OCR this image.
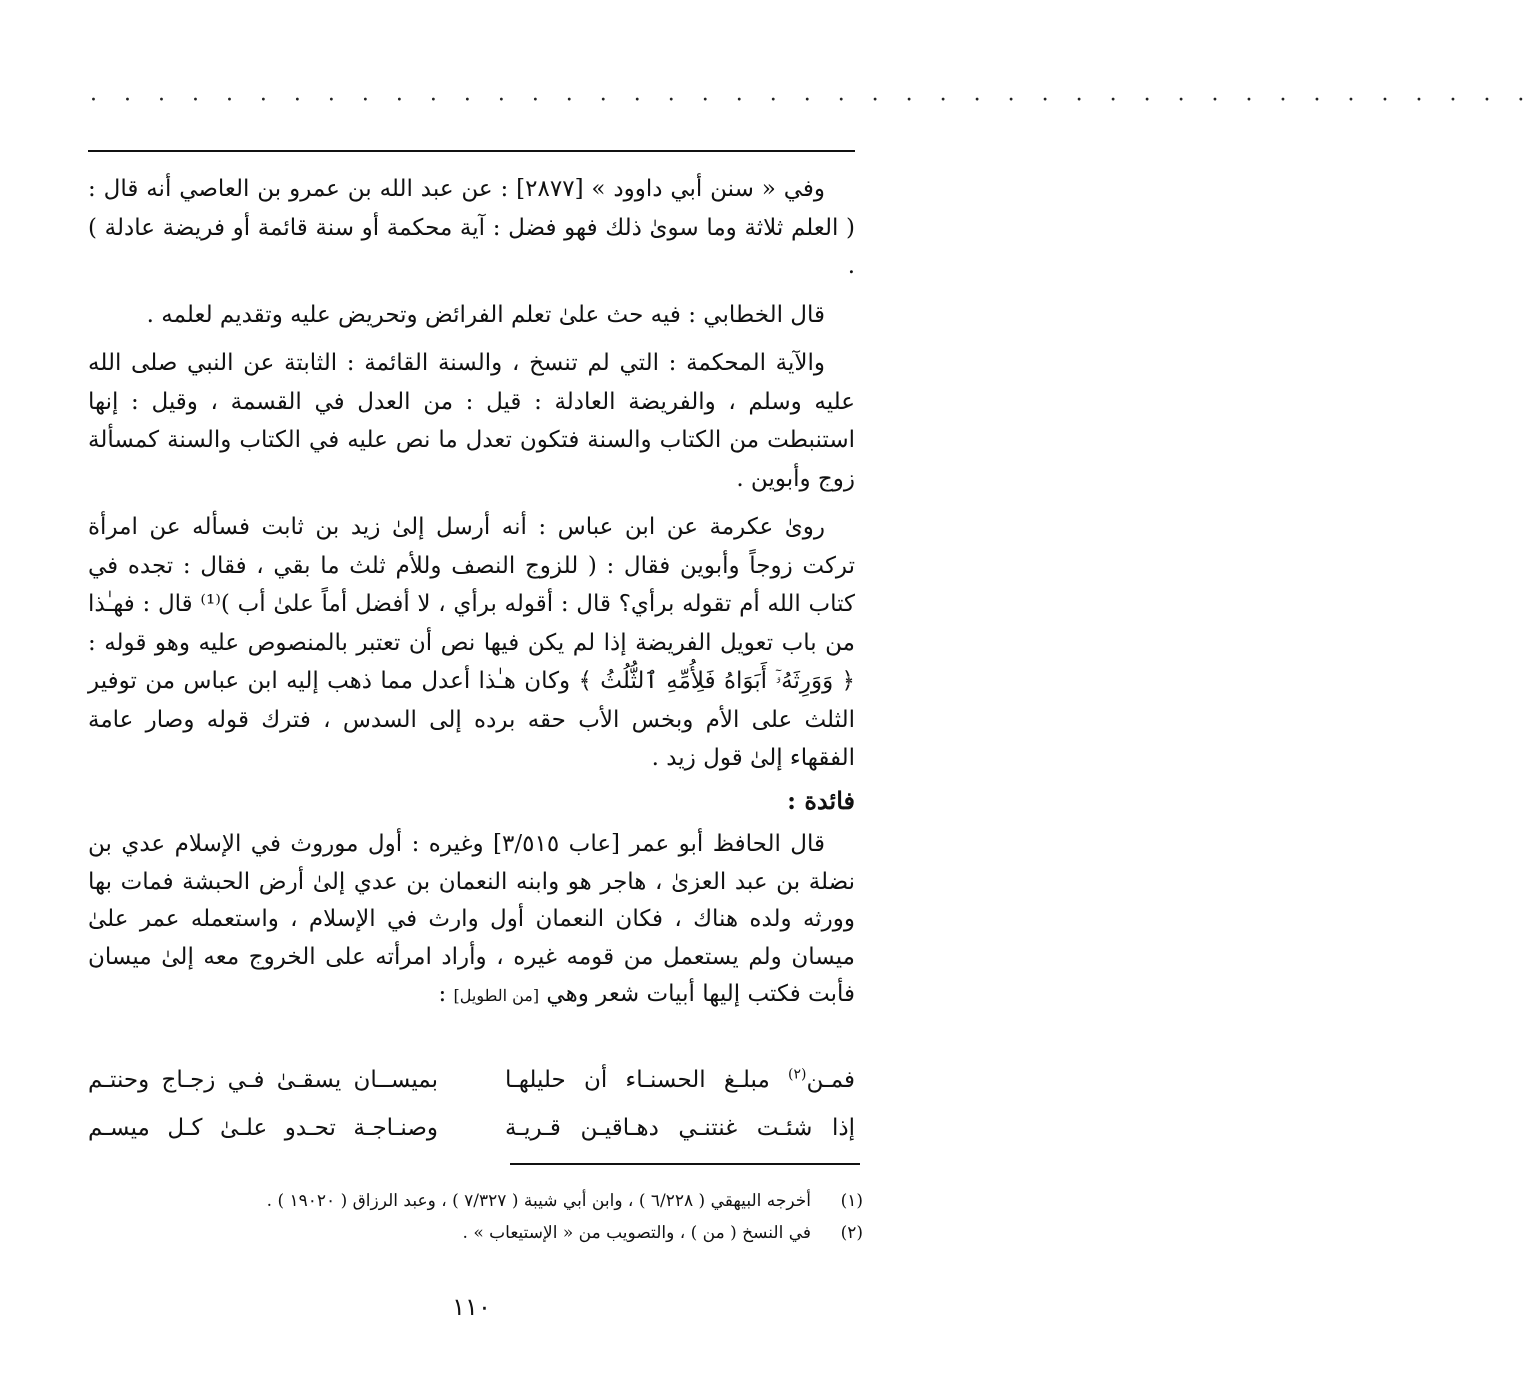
· · · · · · · · · · · · · · · · · · · · · · · · · · · · · · · · · · · · · · · · · · ·

وفي « سنن أبي داوود » [٢٨٧٧] : عن عبد الله بن عمرو بن العاصي أنه قال : ( العلم ثلاثة وما سوىٰ ذلك فهو فضل : آية محكمة أو سنة قائمة أو فريضة عادلة ) .

قال الخطابي : فيه حث علىٰ تعلم الفرائض وتحريض عليه وتقديم لعلمه .

والآية المحكمة : التي لم تنسخ ، والسنة القائمة : الثابتة عن النبي صلى الله عليه وسلم ، والفريضة العادلة : قيل : من العدل في القسمة ، وقيل : إنها استنبطت من الكتاب والسنة فتكون تعدل ما نص عليه في الكتاب والسنة كمسألة زوج وأبوين .

روىٰ عكرمة عن ابن عباس : أنه أرسل إلىٰ زيد بن ثابت فسأله عن امرأة تركت زوجاً وأبوين فقال : ( للزوج النصف وللأم ثلث ما بقي ، فقال : تجده في كتاب الله أم تقوله برأي؟ قال : أقوله برأي ، لا أفضل أماً علىٰ أب )⁽¹⁾ قال : فهـٰذا من باب تعويل الفريضة إذا لم يكن فيها نص أن تعتبر بالمنصوص عليه وهو قوله : ﴿ وَوَرِثَهُۥٓ أَبَوَاهُ فَلِأُمِّهِ ٱلثُّلُثُ ﴾ وكان هـٰذا أعدل مما ذهب إليه ابن عباس من توفير الثلث على الأم وبخس الأب حقه برده إلى السدس ، فترك قوله وصار عامة الفقهاء إلىٰ قول زيد .

فائدة :

قال الحافظ أبو عمر [عاب ٣/٥١٥] وغيره : أول موروث في الإسلام عدي بن نضلة بن عبد العزىٰ ، هاجر هو وابنه النعمان بن عدي إلىٰ أرض الحبشة فمات بها وورثه ولده هناك ، فكان النعمان أول وارث في الإسلام ، واستعمله عمر علىٰ ميسان ولم يستعمل من قومه غيره ، وأراد امرأته على الخروج معه إلىٰ ميسان فأبت فكتب إليها أبيات شعر وهي [من الطويل] :

فمـن$^{(٢)}$ مبلـغ الحسنـاء أن حليلهـا
بميســان يسقـىٰ فـي زجـاج وحنتـم
إذا شئـت غنتنـي دهـاقيـن قـريـة
وصنـاجـة تحـدو علـىٰ كـل ميسـم
(١)
أخرجه البيهقي ( ٦/٢٢٨ ) ، وابن أبي شيبة ( ٧/٣٢٧ ) ، وعبد الرزاق ( ١٩٠٢٠ ) .
(٢)
في النسخ ( من ) ، والتصويب من « الإستيعاب » .
١١٠
